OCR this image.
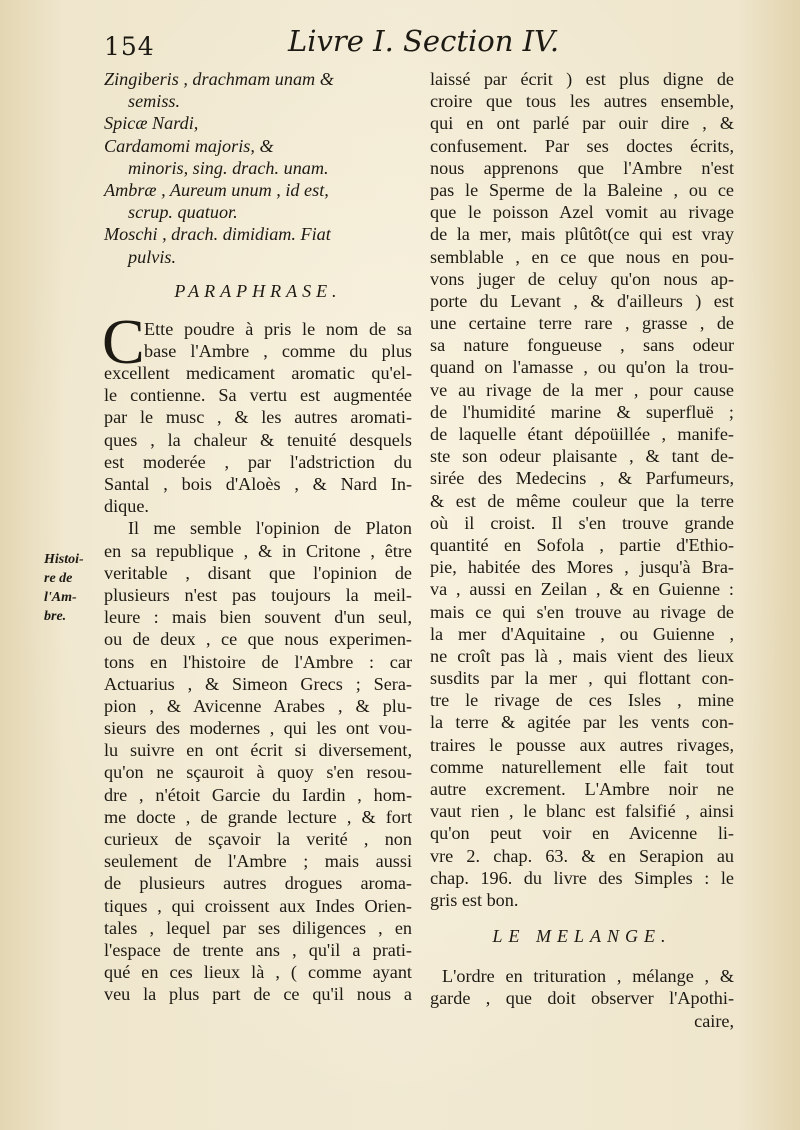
154	Livre I. Section IV.
Histoi-
re de
l'Am-
bre.
Zingiberis , drachmam unam &
semiss.
Spicæ Nardi,
Cardamomi majoris, &
minoris, sing. drach. unam.
Ambræ , Aureum unum , id est,
scrup. quatuor.
Moschi , drach. dimidiam. Fiat
pulvis.
PARAPHRASE.
C Ette poudre à pris le nom de sa
base l'Ambre , comme du plus
excellent medicament aromatic qu'el-
le contienne. Sa vertu est augmentée
par le musc , & les autres aromati-
ques , la chaleur & tenuité desquels
est moderée , par l'adstriction du
Santal , bois d'Aloès , & Nard In-
dique.
Il me semble l'opinion de Platon
en sa republique , & in Critone , être
veritable , disant que l'opinion de
plusieurs n'est pas toujours la meil-
leure : mais bien souvent d'un seul,
ou de deux , ce que nous experimen-
tons en l'histoire de l'Ambre : car
Actuarius , & Simeon Grecs ; Sera-
pion , & Avicenne Arabes , & plu-
sieurs des modernes , qui les ont vou-
lu suivre en ont écrit si diversement,
qu'on ne sçauroit à quoy s'en resou-
dre , n'étoit Garcie du Iardin , hom-
me docte , de grande lecture , & fort
curieux de sçavoir la verité , non
seulement de l'Ambre ; mais aussi
de plusieurs autres drogues aroma-
tiques , qui croissent aux Indes Orien-
tales , lequel par ses diligences , en
l'espace de trente ans , qu'il a prati-
qué en ces lieux là , ( comme ayant
veu la plus part de ce qu'il nous a
laissé par écrit ) est plus digne de
croire que tous les autres ensemble,
qui en ont parlé par ouir dire , &
confusement. Par ses doctes écrits,
nous apprenons que l'Ambre n'est
pas le Sperme de la Baleine , ou ce
que le poisson Azel vomit au rivage
de la mer, mais plûtôt(ce qui est vray
semblable , en ce que nous en pou-
vons juger de celuy qu'on nous ap-
porte du Levant , & d'ailleurs ) est
une certaine terre rare , grasse , de
sa nature fongueuse , sans odeur
quand on l'amasse , ou qu'on la trou-
ve au rivage de la mer , pour cause
de l'humidité marine & superfluë ;
de laquelle étant dépoüillée , manife-
ste son odeur plaisante , & tant de-
sirée des Medecins , & Parfumeurs,
& est de même couleur que la terre
où il croist. Il s'en trouve grande
quantité en Sofola , partie d'Ethio-
pie, habitée des Mores , jusqu'à Bra-
va , aussi en Zeilan , & en Guienne :
mais ce qui s'en trouve au rivage de
la mer d'Aquitaine , ou Guienne ,
ne croît pas là , mais vient des lieux
susdits par la mer , qui flottant con-
tre le rivage de ces Isles , mine
la terre & agitée par les vents con-
traires le pousse aux autres rivages,
comme naturellement elle fait tout
autre excrement. L'Ambre noir ne
vaut rien , le blanc est falsifié , ainsi
qu'on peut voir en Avicenne li-
vre 2. chap. 63. & en Serapion au
chap. 196. du livre des Simples : le
gris est bon.
LE MELANGE.
L'ordre en trituration , mélange , &
garde , que doit observer l'Apothi-
caire,
